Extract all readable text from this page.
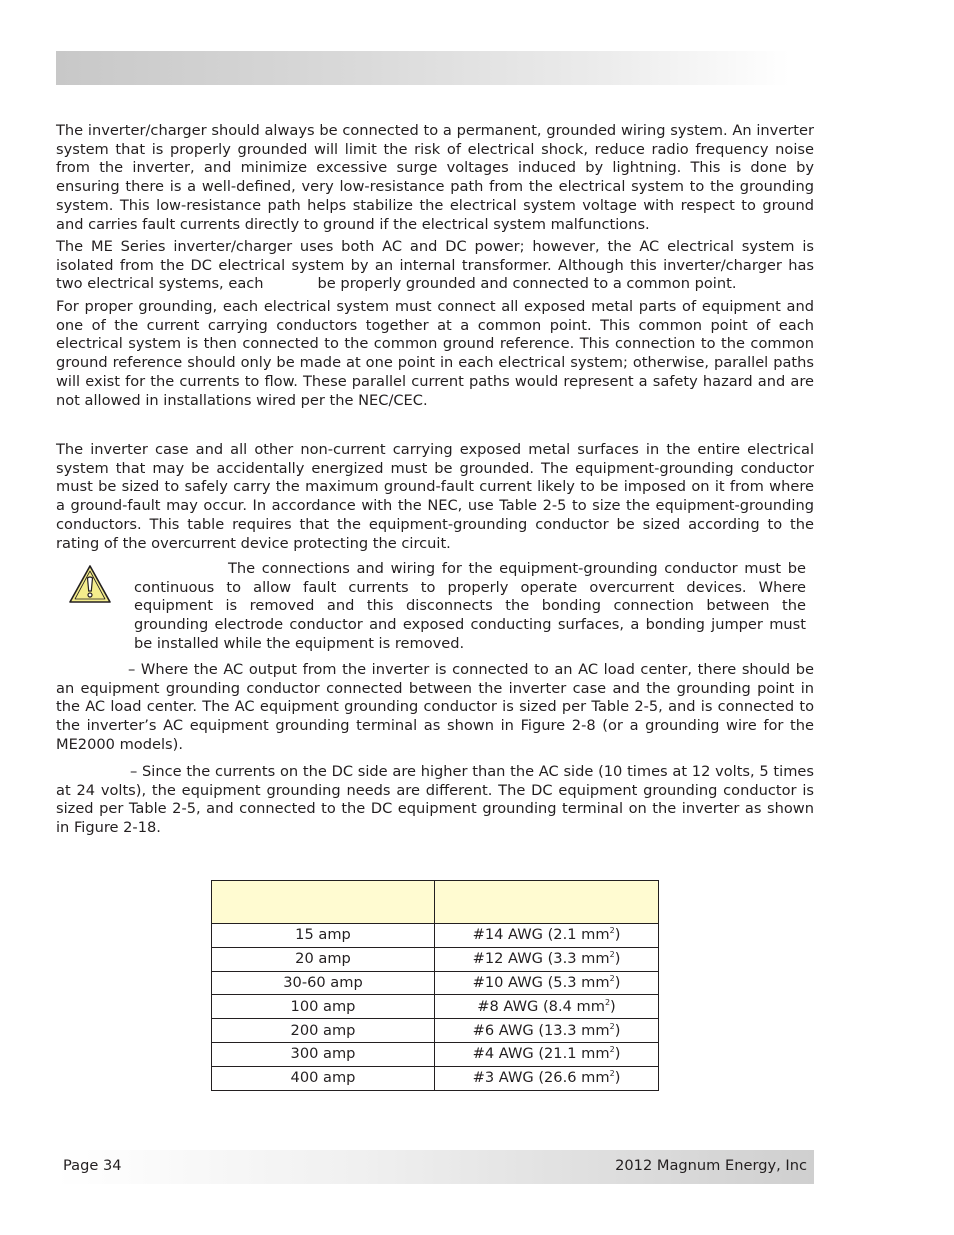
The inverter/charger should always be connected to a permanent, grounded wiring system. An inverter system that is properly grounded will limit the risk of electrical shock, reduce radio frequency noise from the inverter, and minimize excessive surge voltages induced by lightning. This is done by ensuring there is a well-defined, very low-resistance path from the electrical system to the grounding system. This low-resistance path helps stabilize the electrical system voltage with respect to ground and carries fault currents directly to ground if the electrical system malfunctions.

The ME Series inverter/charger uses both AC and DC power; however, the AC electrical system is isolated from the DC electrical system by an internal transformer. Although this inverter/charger has two electrical systems, each	be properly grounded and connected to a common point.

For proper grounding, each electrical system must connect all exposed metal parts of equipment and one of the current carrying conductors together at a common point. This common point of each electrical system is then connected to the common ground reference. This connection to the common ground reference should only be made at one point in each electrical system; otherwise, parallel paths will exist for the currents to flow. These parallel current paths would represent a safety hazard and are not allowed in installations wired per the NEC/CEC.

The inverter case and all other non-current carrying exposed metal surfaces in the entire electrical system that may be accidentally energized must be grounded. The equipment-grounding conductor must be sized to safely carry the maximum ground-fault current likely to be imposed on it from where a ground-fault may occur. In accordance with the NEC, use Table 2-5 to size the equipment-grounding conductors. This table requires that the equipment-grounding conductor be sized according to the rating of the overcurrent device protecting the circuit.

The connections and wiring for the equipment-grounding conductor must be continuous to allow fault currents to properly operate overcurrent devices. Where equipment is removed and this disconnects the bonding connection between the grounding electrode conductor and exposed conducting surfaces, a bonding jumper must be installed while the equipment is removed.

– Where the AC output from the inverter is connected to an AC load center, there should be an equipment grounding conductor connected between the inverter case and the grounding point in the AC load center. The AC equipment grounding conductor is sized per Table 2-5, and is connected to the inverter’s AC equipment grounding terminal as shown in Figure 2-8 (or a grounding wire for the ME2000 models).

– Since the currents on the DC side are higher than the AC side (10 times at 12 volts, 5 times at 24 volts), the equipment grounding needs are different. The DC equipment grounding conductor is sized per Table 2-5, and connected to the DC equipment grounding terminal on the inverter as shown in Figure 2-18.

15 amp	#14 AWG (2.1 $mm^2$)
20 amp	#12 AWG (3.3 $mm^2$)
30-60 amp	#10 AWG (5.3 $mm^2$)
100 amp	#8 AWG (8.4 $mm^2$)
200 amp	#6 AWG (13.3 $mm^2$)
300 amp	#4 AWG (21.1 $mm^2$)
400 amp	#3 AWG (26.6 $mm^2$)
Page 34	2012 Magnum Energy, Inc
